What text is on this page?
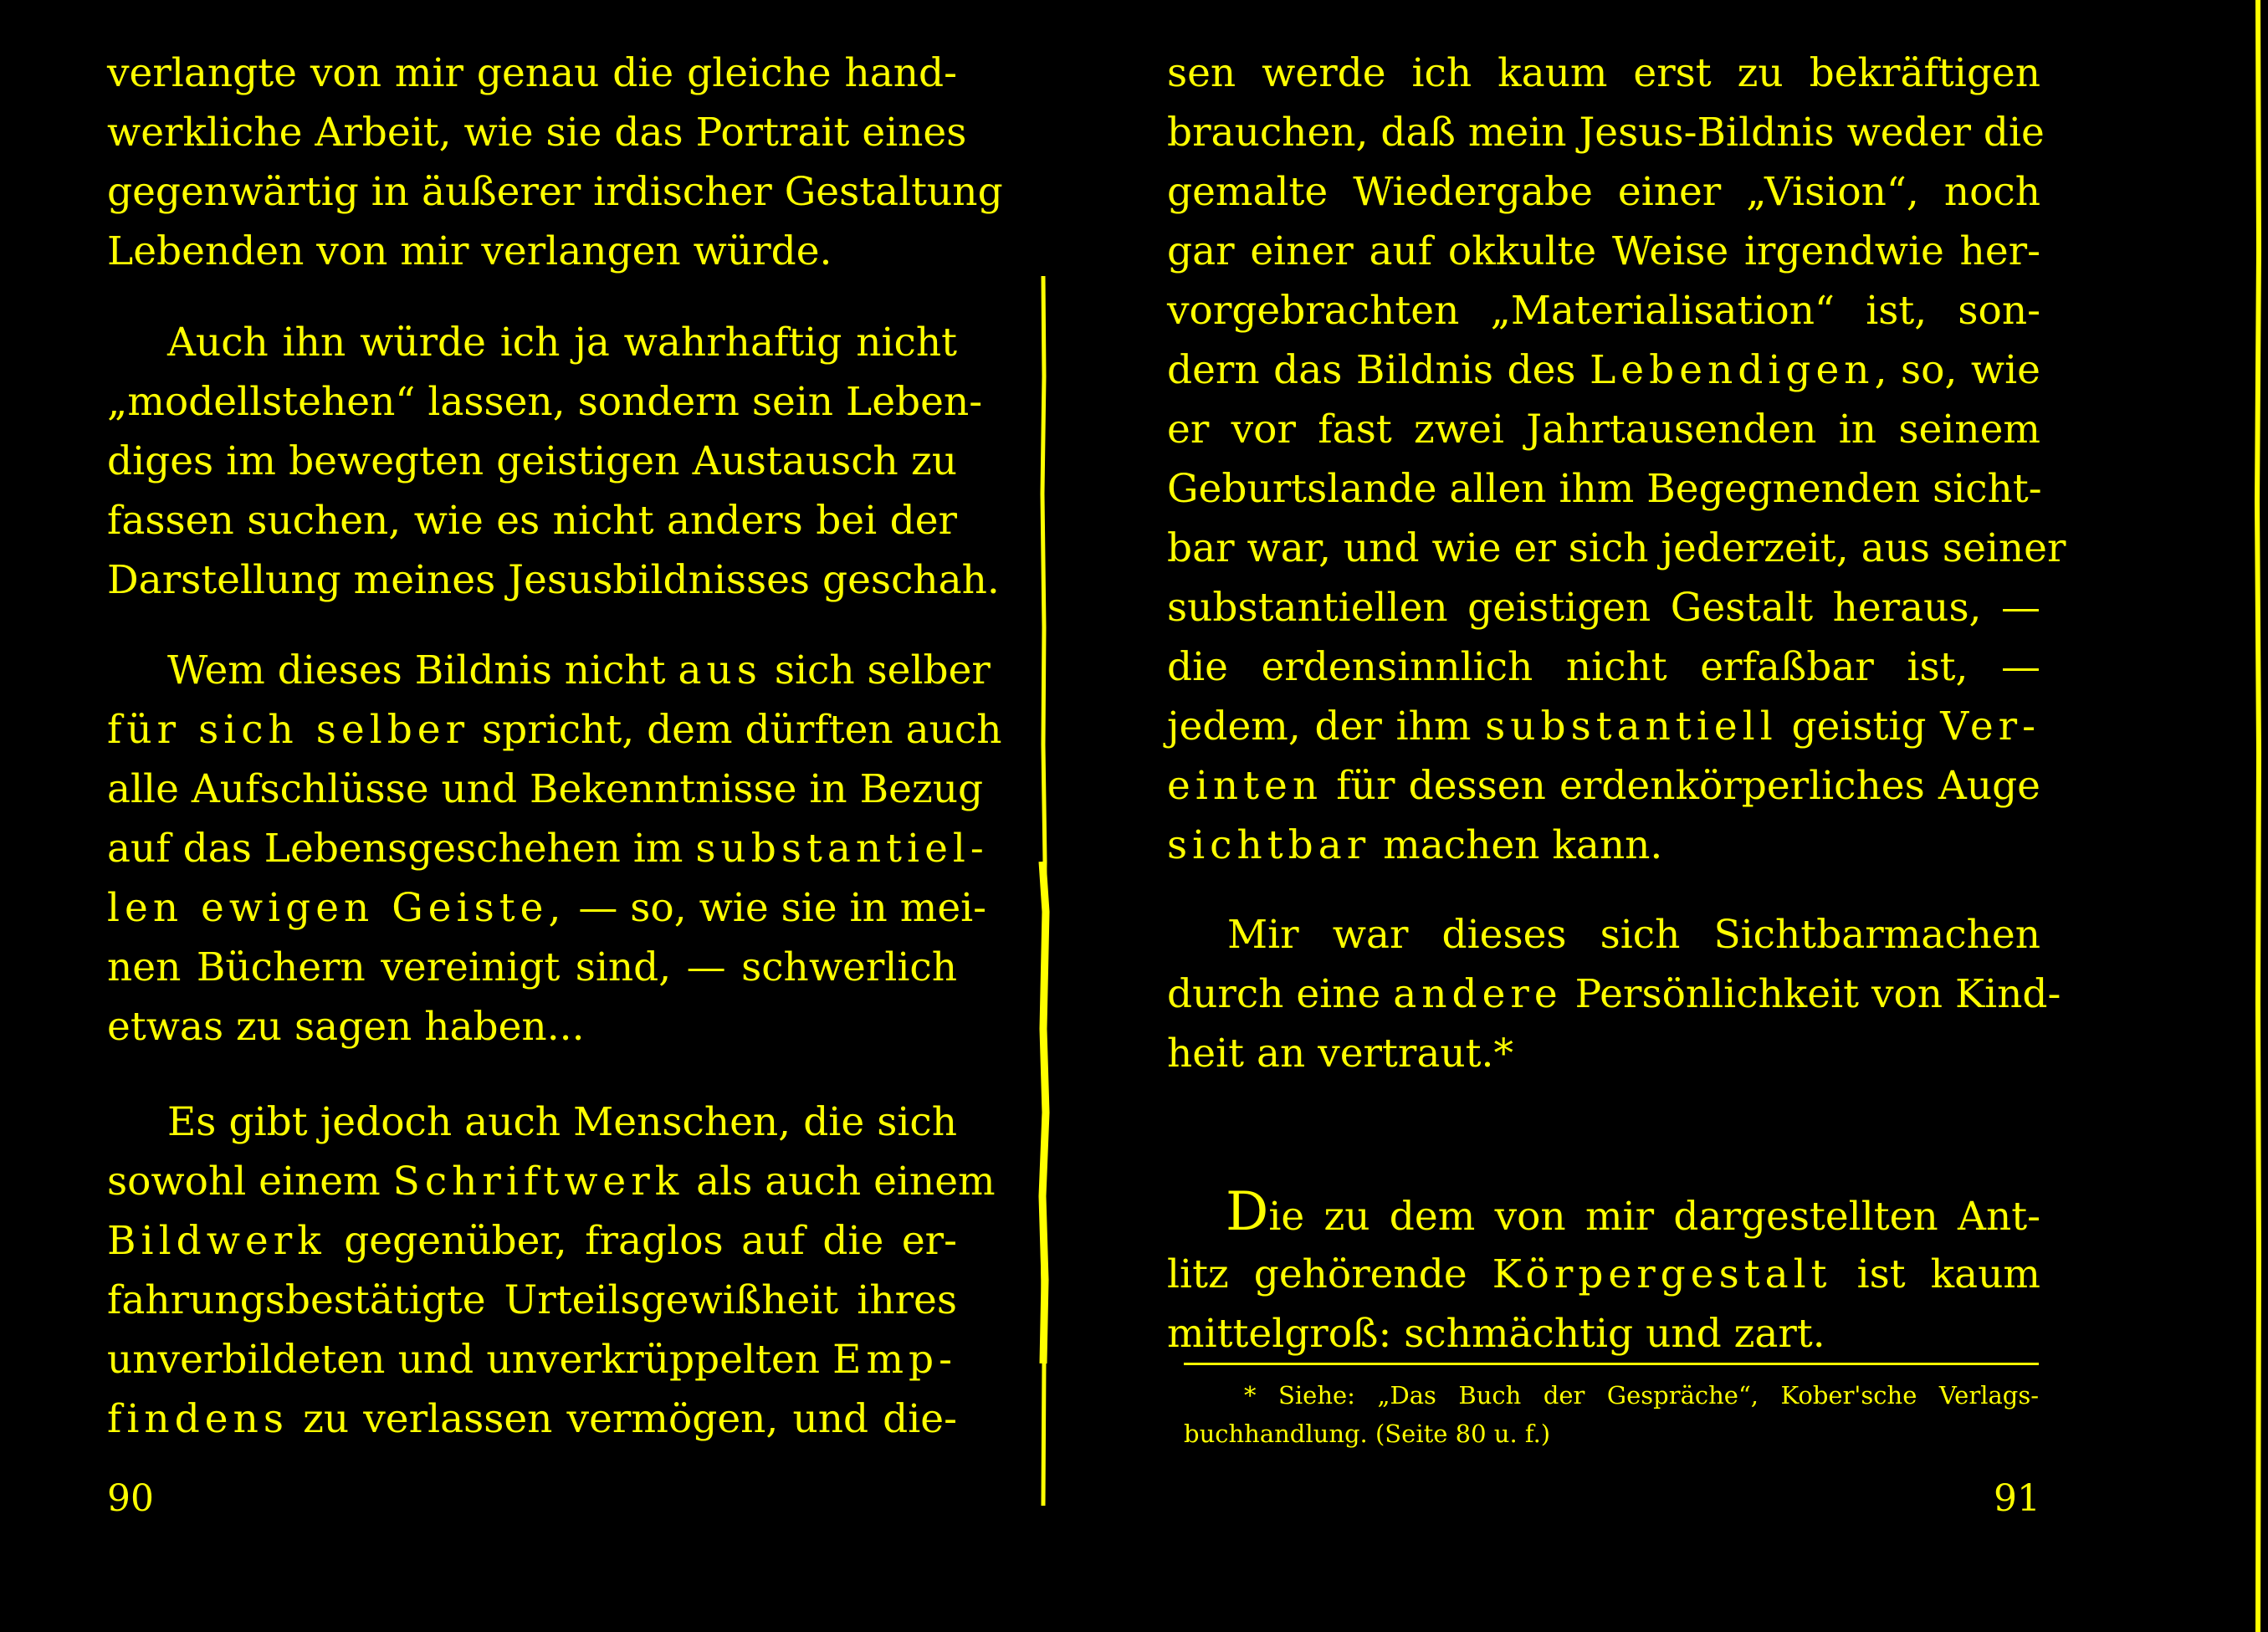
verlangte von mir genau die gleiche hand-
werkliche Arbeit, wie sie das Portrait eines
gegenwärtig in äußerer irdischer Gestaltung
Lebenden von mir verlangen würde.
Auch ihn würde ich ja wahrhaftig nicht
„modellstehen“ lassen, sondern sein Leben-
diges im bewegten geistigen Austausch zu
fassen suchen, wie es nicht anders bei der
Darstellung meines Jesusbildnisses geschah.
Wem dieses Bildnis nicht aus sich selber
für sich selber spricht, dem dürften auch
alle Aufschlüsse und Bekenntnisse in Bezug
auf das Lebensgeschehen im substantiel-
len ewigen Geiste, — so, wie sie in mei-
nen Büchern vereinigt sind, — schwerlich
etwas zu sagen haben...
Es gibt jedoch auch Menschen, die sich
sowohl einem Schriftwerk als auch einem
Bildwerk gegenüber, fraglos auf die er-
fahrungsbestätigte Urteilsgewißheit ihres
unverbildeten und unverkrüppelten Emp-
findens zu verlassen vermögen, und die-
90
sen werde ich kaum erst zu bekräftigen
brauchen, daß mein Jesus-Bildnis weder die
gemalte Wiedergabe einer „Vision“, noch
gar einer auf okkulte Weise irgendwie her-
vorgebrachten „Materialisation“ ist, son-
dern das Bildnis des Lebendigen, so, wie
er vor fast zwei Jahrtausenden in seinem
Geburtslande allen ihm Begegnenden sicht-
bar war, und wie er sich jederzeit, aus seiner
substantiellen geistigen Gestalt heraus, —
die erdensinnlich nicht erfaßbar ist, —
jedem, der ihm substantiell geistig Ver-
einten für dessen erdenkörperliches Auge
sichtbar machen kann.
Mir war dieses sich Sichtbarmachen
durch eine andere Persönlichkeit von Kind-
heit an vertraut.*
Die zu dem von mir dargestellten Ant-
litz gehörende Körpergestalt ist kaum
mittelgroß: schmächtig und zart.
* Siehe: „Das Buch der Gespräche“, Kober'sche Verlags-
buchhandlung. (Seite 80 u. f.)
91
